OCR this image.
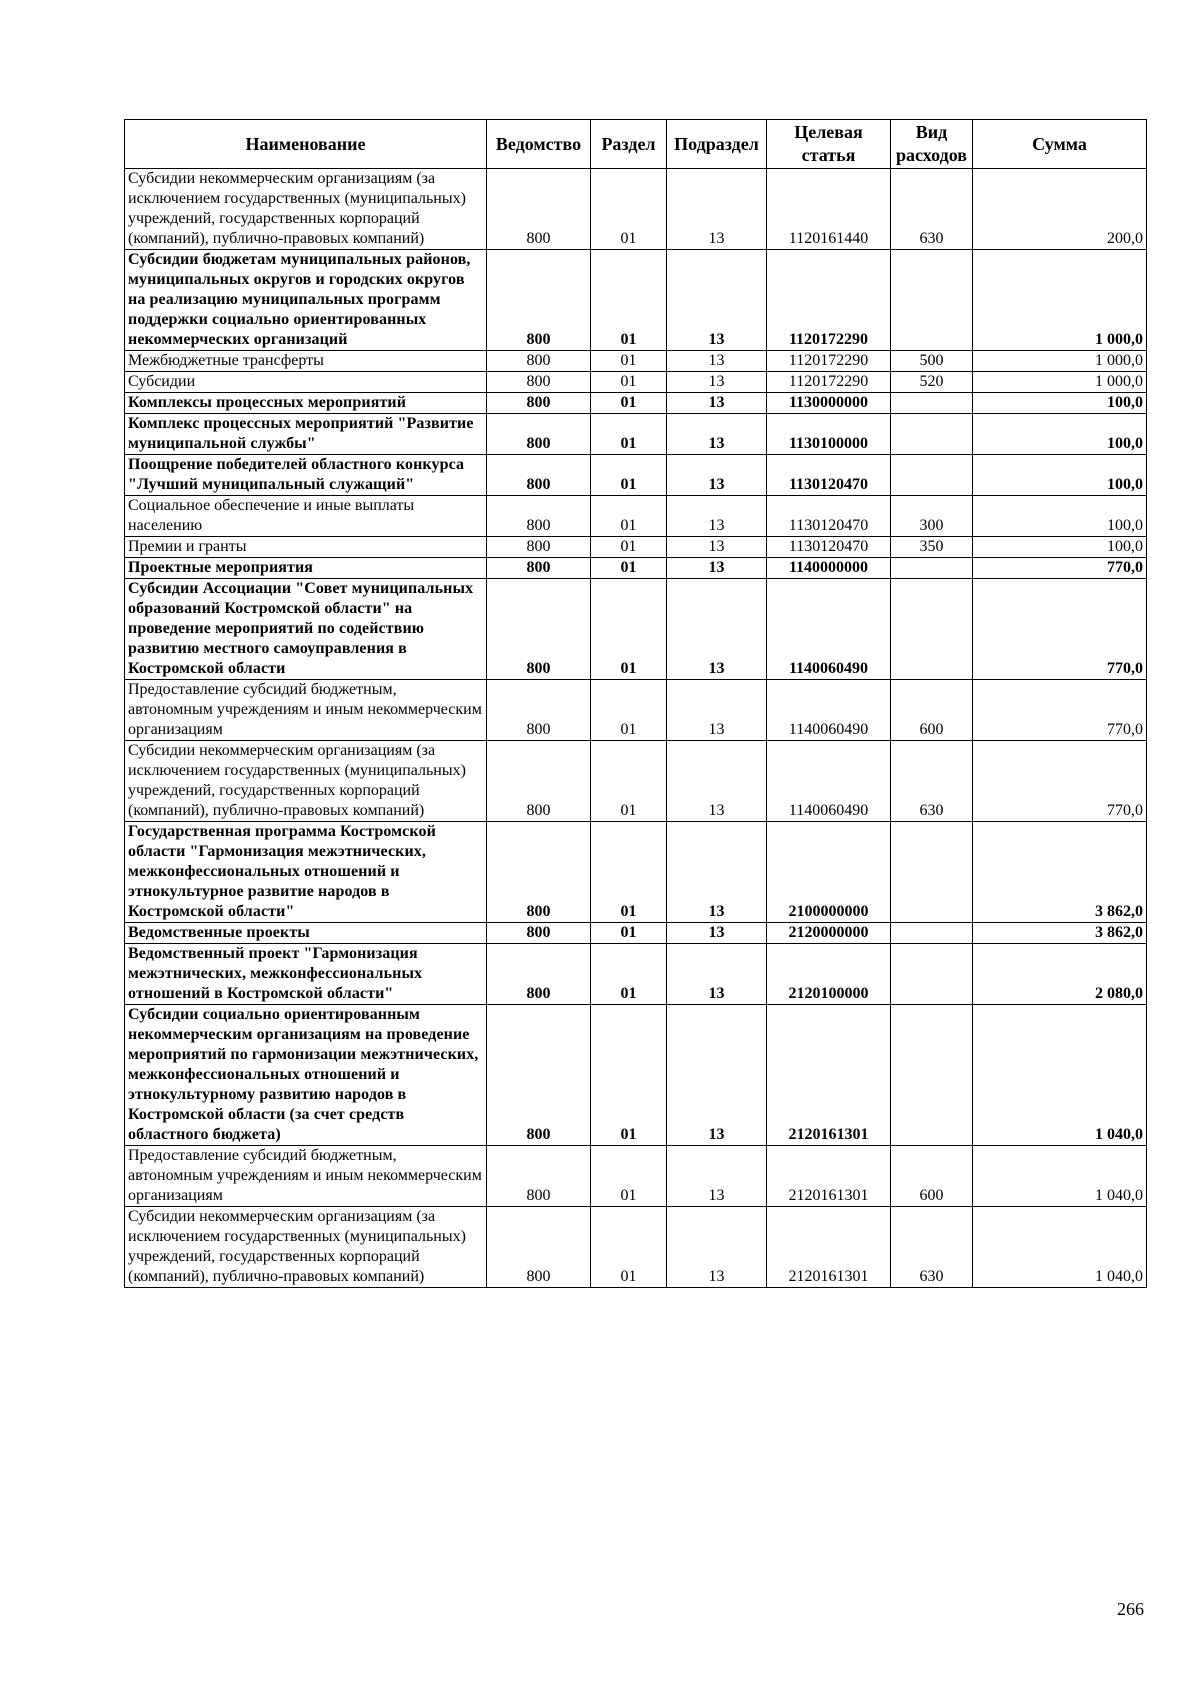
Наименование	Ведомство	Раздел	Подраздел	Целевая статья	Вид расходов	Сумма
Субсидии некоммерческим организациям (за исключением государственных (муниципальных) учреждений, государственных корпораций (компаний), публично-правовых компаний)	800	01	13	1120161440	630	200,0
Субсидии бюджетам муниципальных районов, муниципальных округов и городских округов на реализацию муниципальных программ поддержки социально ориентированных некоммерческих организаций	800	01	13	1120172290		1 000,0
Межбюджетные трансферты	800	01	13	1120172290	500	1 000,0
Субсидии	800	01	13	1120172290	520	1 000,0
Комплексы процессных мероприятий	800	01	13	1130000000		100,0
Комплекс процессных мероприятий "Развитие муниципальной службы"	800	01	13	1130100000		100,0
Поощрение победителей областного конкурса "Лучший муниципальный служащий"	800	01	13	1130120470		100,0
Социальное обеспечение и иные выплаты населению	800	01	13	1130120470	300	100,0
Премии и гранты	800	01	13	1130120470	350	100,0
Проектные мероприятия	800	01	13	1140000000		770,0
Субсидии Ассоциации "Совет муниципальных образований Костромской области" на проведение мероприятий по содействию развитию местного самоуправления в Костромской области	800	01	13	1140060490		770,0
Предоставление субсидий бюджетным, автономным учреждениям и иным некоммерческим организациям	800	01	13	1140060490	600	770,0
Субсидии некоммерческим организациям (за исключением государственных (муниципальных) учреждений, государственных корпораций (компаний), публично-правовых компаний)	800	01	13	1140060490	630	770,0
Государственная программа Костромской области "Гармонизация межэтнических, межконфессиональных отношений и этнокультурное развитие народов в Костромской области"	800	01	13	2100000000		3 862,0
Ведомственные проекты	800	01	13	2120000000		3 862,0
Ведомственный проект "Гармонизация межэтнических, межконфессиональных отношений в Костромской области"	800	01	13	2120100000		2 080,0
Субсидии социально ориентированным некоммерческим организациям на проведение мероприятий по гармонизации межэтнических, межконфессиональных отношений и этнокультурному развитию народов в Костромской области (за счет средств областного бюджета)	800	01	13	2120161301		1 040,0
Предоставление субсидий бюджетным, автономным учреждениям и иным некоммерческим организациям	800	01	13	2120161301	600	1 040,0
Субсидии некоммерческим организациям (за исключением государственных (муниципальных) учреждений, государственных корпораций (компаний), публично-правовых компаний)	800	01	13	2120161301	630	1 040,0
266
